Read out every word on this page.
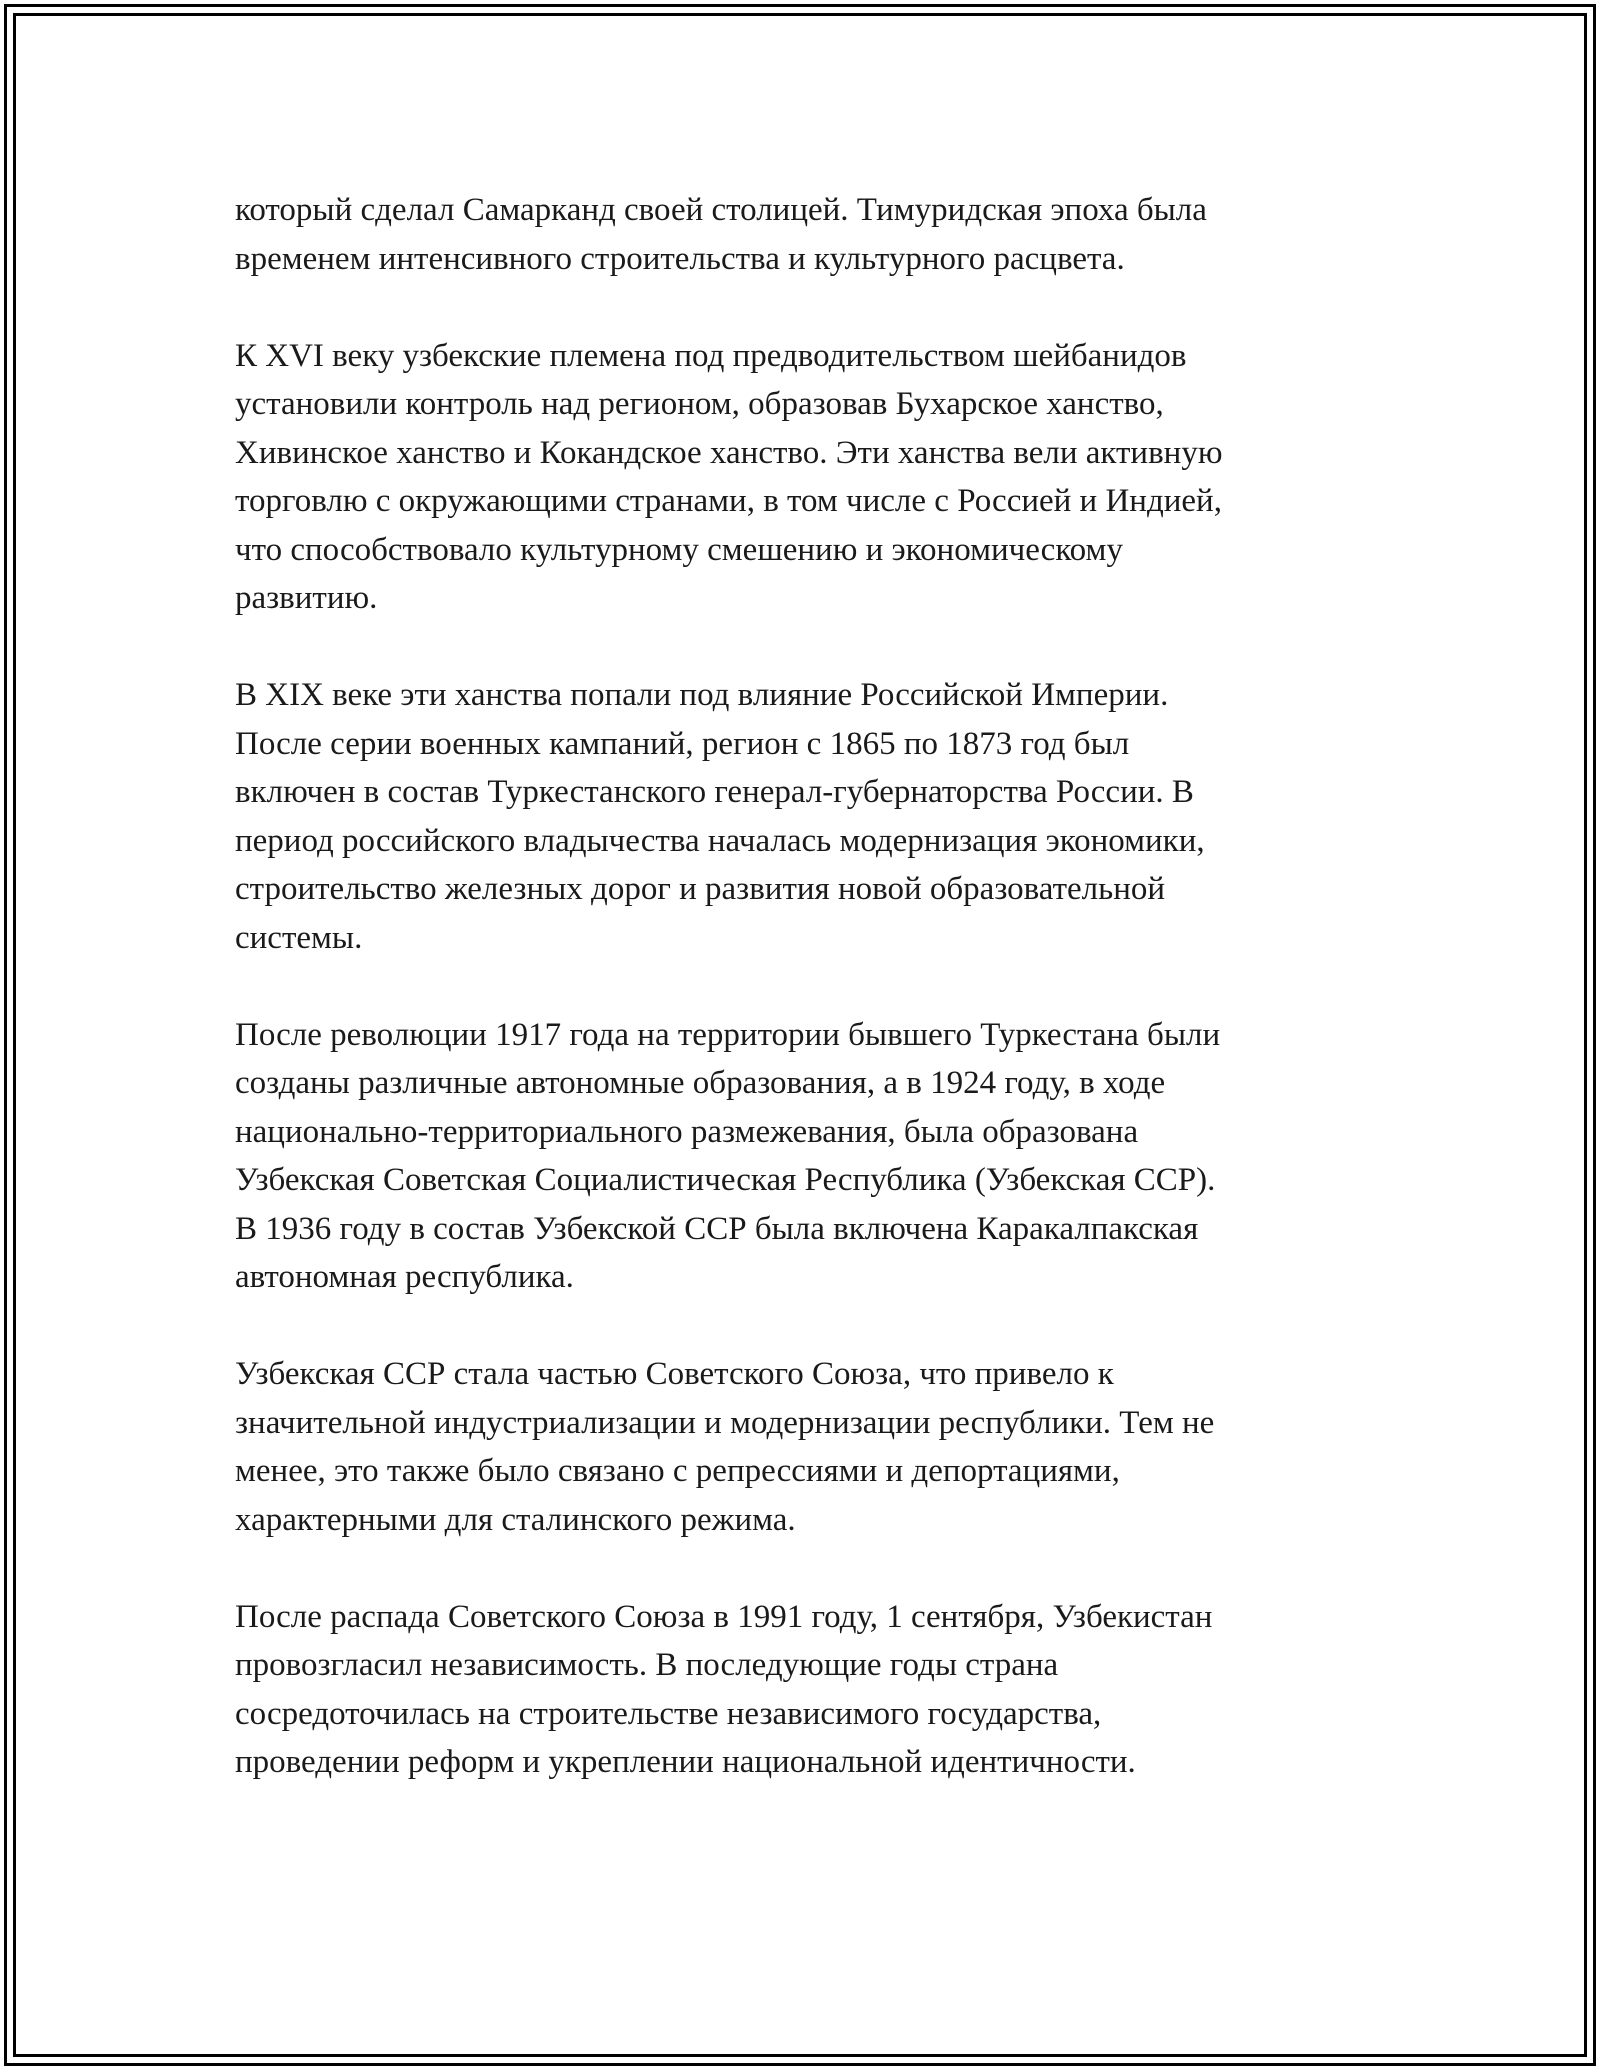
который сделал Самарканд своей столицей. Тимуридская эпоха была
временем интенсивного строительства и культурного расцвета.

К XVI веку узбекские племена под предводительством шейбанидов
установили контроль над регионом, образовав Бухарское ханство,
Хивинское ханство и Кокандское ханство. Эти ханства вели активную
торговлю с окружающими странами, в том числе с Россией и Индией,
что способствовало культурному смешению и экономическому
развитию.

В XIX веке эти ханства попали под влияние Российской Империи.
После серии военных кампаний, регион с 1865 по 1873 год был
включен в состав Туркестанского генерал-губернаторства России. В
период российского владычества началась модернизация экономики,
строительство железных дорог и развития новой образовательной
системы.

После революции 1917 года на территории бывшего Туркестана были
созданы различные автономные образования, а в 1924 году, в ходе
национально-территориального размежевания, была образована
Узбекская Советская Социалистическая Республика (Узбекская ССР).
В 1936 году в состав Узбекской ССР была включена Каракалпакская
автономная республика.

Узбекская ССР стала частью Советского Союза, что привело к
значительной индустриализации и модернизации республики. Тем не
менее, это также было связано с репрессиями и депортациями,
характерными для сталинского режима.

После распада Советского Союза в 1991 году, 1 сентября, Узбекистан
провозгласил независимость. В последующие годы страна
сосредоточилась на строительстве независимого государства,
проведении реформ и укреплении национальной идентичности.
